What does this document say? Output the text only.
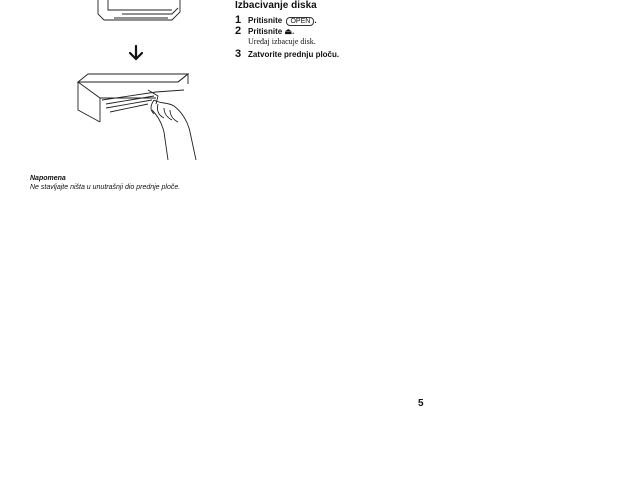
Napomena
Ne stavljajte ništa u unutrašnji dio prednje ploče.
Izbacivanje diska
1 Pritisnite OPEN .
2 Pritisnite ⏏.
Uređaj izbacuje disk.
3 Zatvorite prednju ploču.
5
